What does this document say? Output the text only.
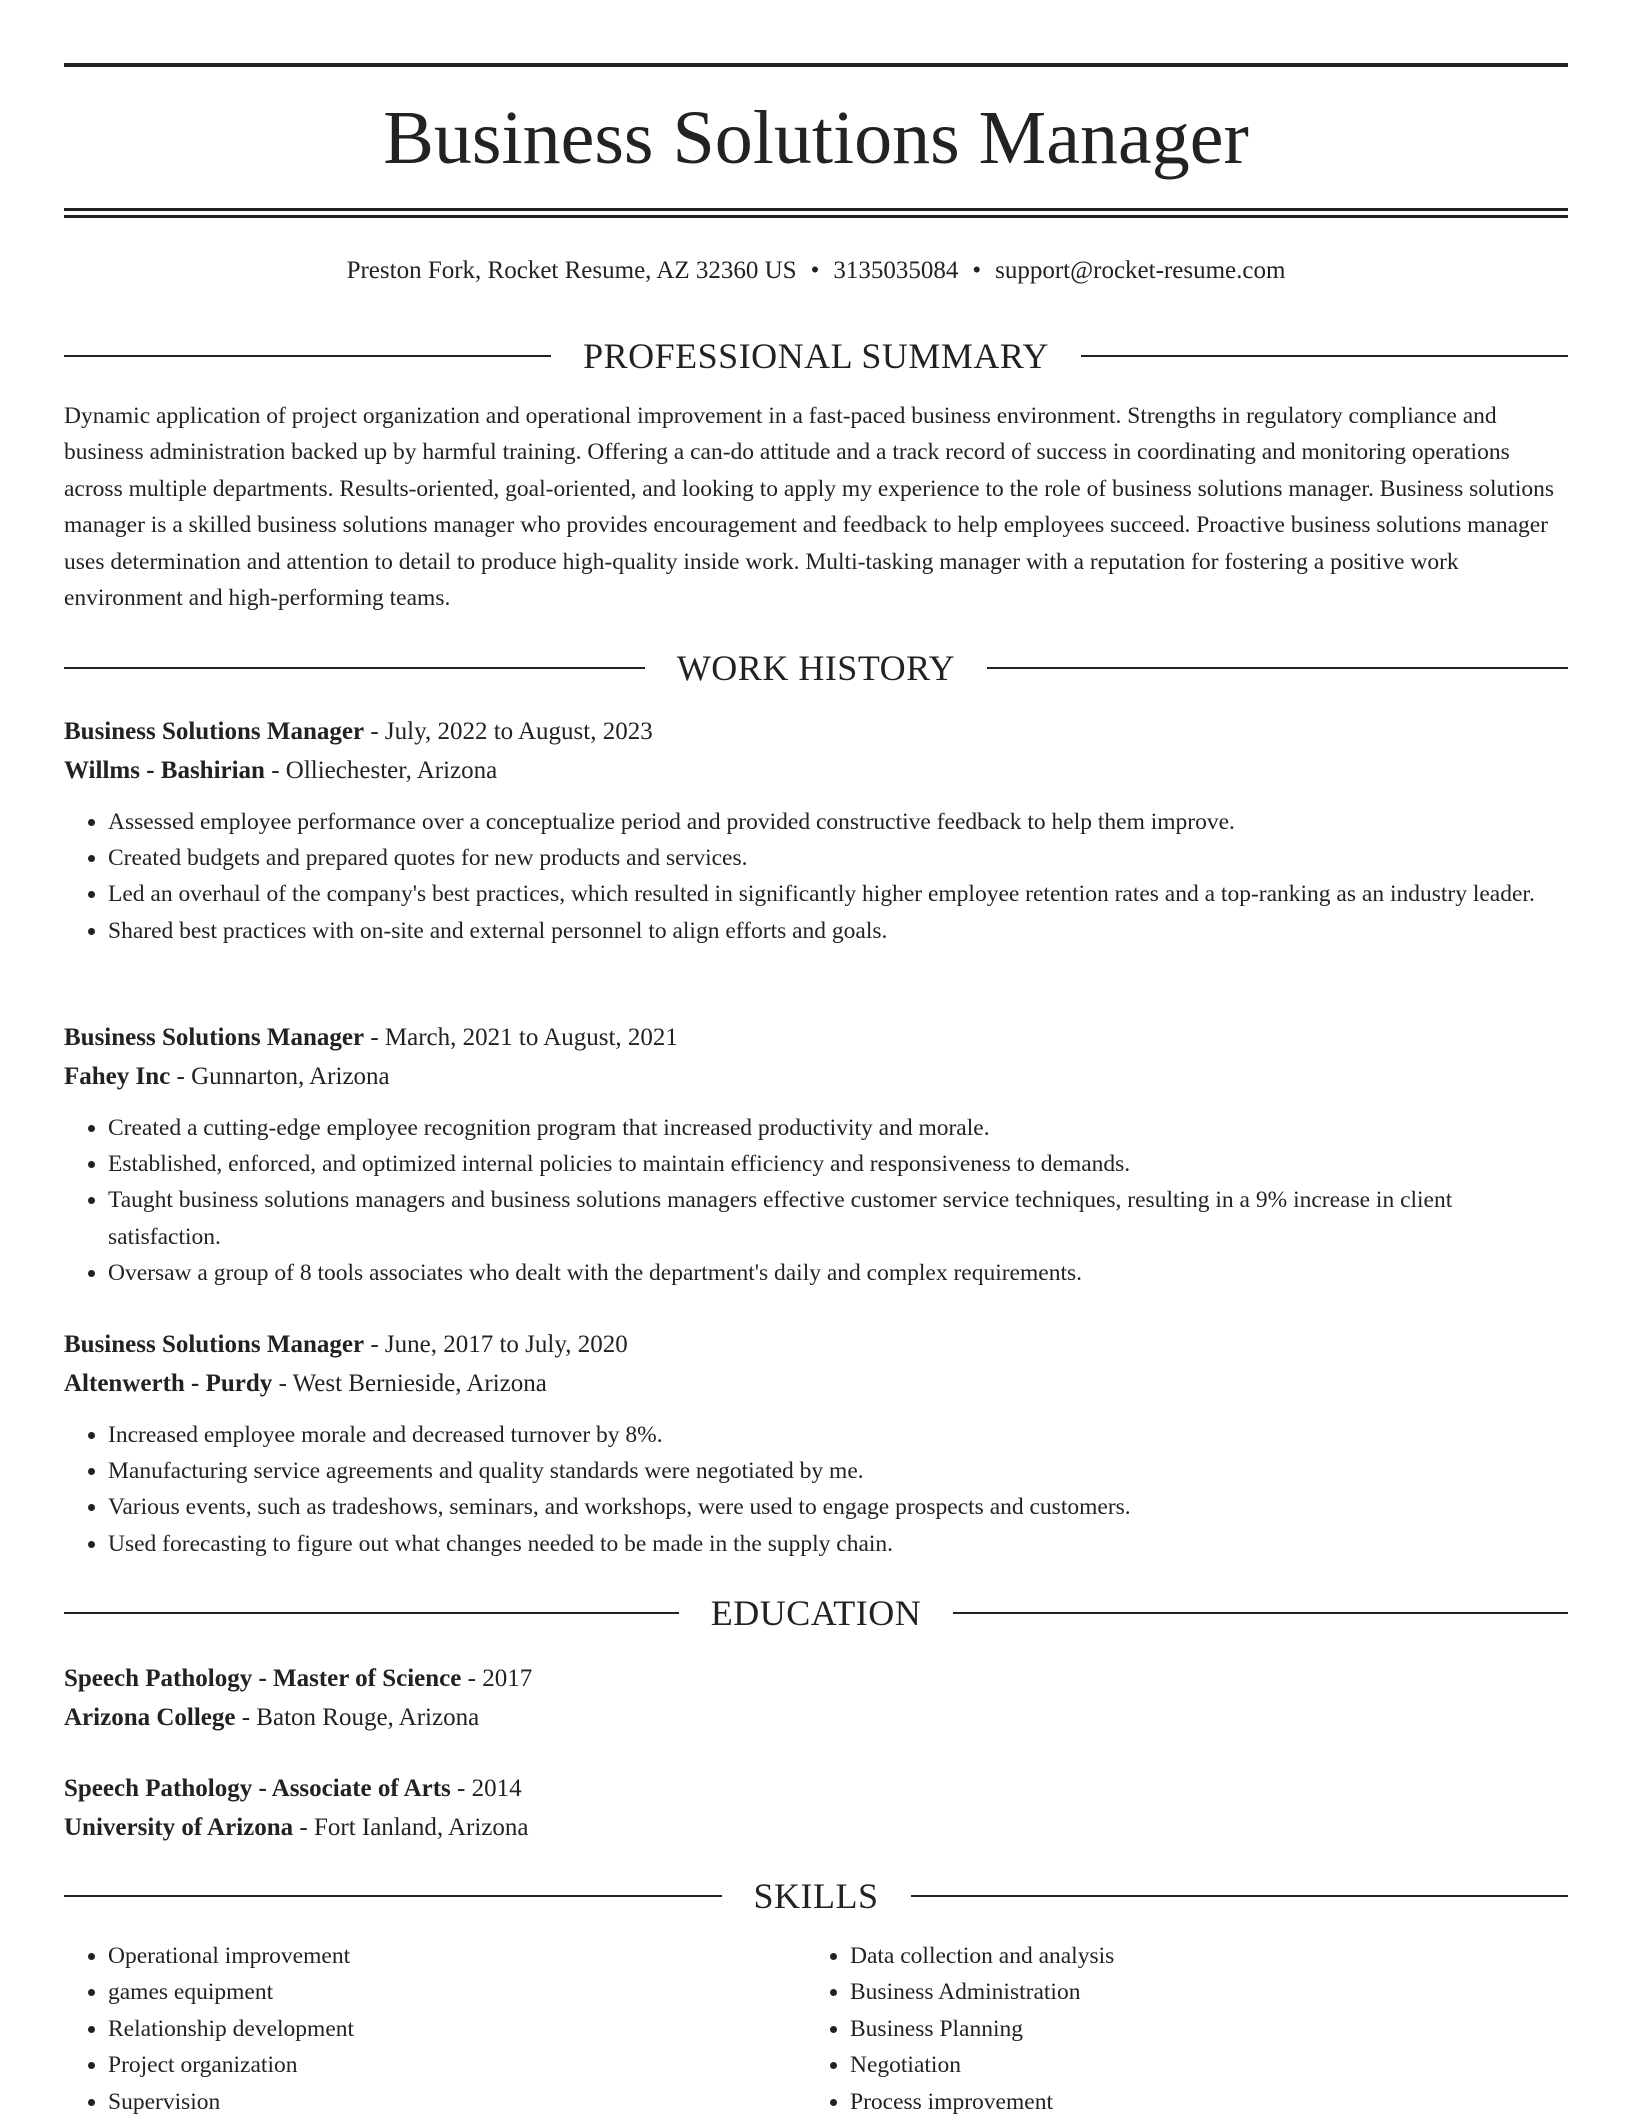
Business Solutions Manager
Preston Fork, Rocket Resume, AZ 32360 US • 3135035084 • support@rocket-resume.com
PROFESSIONAL SUMMARY

Dynamic application of project organization and operational improvement in a fast-paced business environment. Strengths in regulatory compliance and business administration backed up by harmful training. Offering a can-do attitude and a track record of success in coordinating and monitoring operations across multiple departments. Results-oriented, goal-oriented, and looking to apply my experience to the role of business solutions manager. Business solutions manager is a skilled business solutions manager who provides encouragement and feedback to help employees succeed. Proactive business solutions manager uses determination and attention to detail to produce high-quality inside work. Multi-tasking manager with a reputation for fostering a positive work environment and high-performing teams.

WORK HISTORY
Business Solutions Manager - July, 2022 to August, 2023
Willms - Bashirian - Olliechester, Arizona
• Assessed employee performance over a conceptualize period and provided constructive feedback to help them improve.
• Created budgets and prepared quotes for new products and services.
• Led an overhaul of the company's best practices, which resulted in significantly higher employee retention rates and a top-ranking as an industry leader.
• Shared best practices with on-site and external personnel to align efforts and goals.
Business Solutions Manager - March, 2021 to August, 2021
Fahey Inc - Gunnarton, Arizona
• Created a cutting-edge employee recognition program that increased productivity and morale.
• Established, enforced, and optimized internal policies to maintain efficiency and responsiveness to demands.
• Taught business solutions managers and business solutions managers effective customer service techniques, resulting in a 9% increase in client satisfaction.
• Oversaw a group of 8 tools associates who dealt with the department's daily and complex requirements.
Business Solutions Manager - June, 2017 to July, 2020
Altenwerth - Purdy - West Bernieside, Arizona
• Increased employee morale and decreased turnover by 8%.
• Manufacturing service agreements and quality standards were negotiated by me.
• Various events, such as tradeshows, seminars, and workshops, were used to engage prospects and customers.
• Used forecasting to figure out what changes needed to be made in the supply chain.
EDUCATION
Speech Pathology - Master of Science - 2017
Arizona College - Baton Rouge, Arizona
Speech Pathology - Associate of Arts - 2014
University of Arizona - Fort Ianland, Arizona
SKILLS
• Operational improvement
• games equipment
• Relationship development
• Project organization
• Supervision
• Data collection and analysis
• Business Administration
• Business Planning
• Negotiation
• Process improvement
